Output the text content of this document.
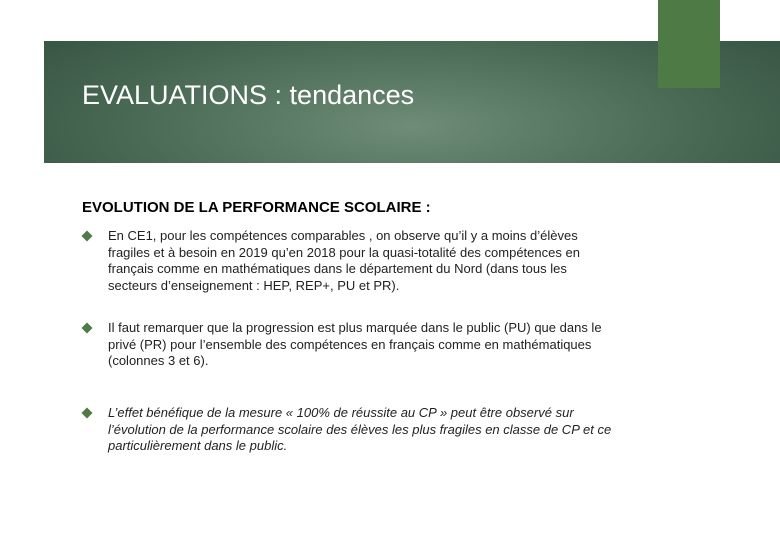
EVALUATIONS : tendances
EVOLUTION DE LA PERFORMANCE SCOLAIRE :
En CE1, pour les compétences comparables , on observe qu’il y a moins d’élèves fragiles et à besoin en 2019 qu’en 2018 pour la quasi-totalité des compétences en français comme en mathématiques dans le département du Nord (dans tous les secteurs d’enseignement : HEP, REP+, PU et PR).
Il faut remarquer que la progression est plus marquée dans le public (PU) que dans le privé (PR) pour l’ensemble des compétences en français comme en mathématiques (colonnes 3 et 6).
L’effet bénéfique de la mesure « 100% de réussite au CP » peut être observé sur l’évolution de la performance scolaire des élèves les plus fragiles en classe de CP et ce particulièrement dans le public.
